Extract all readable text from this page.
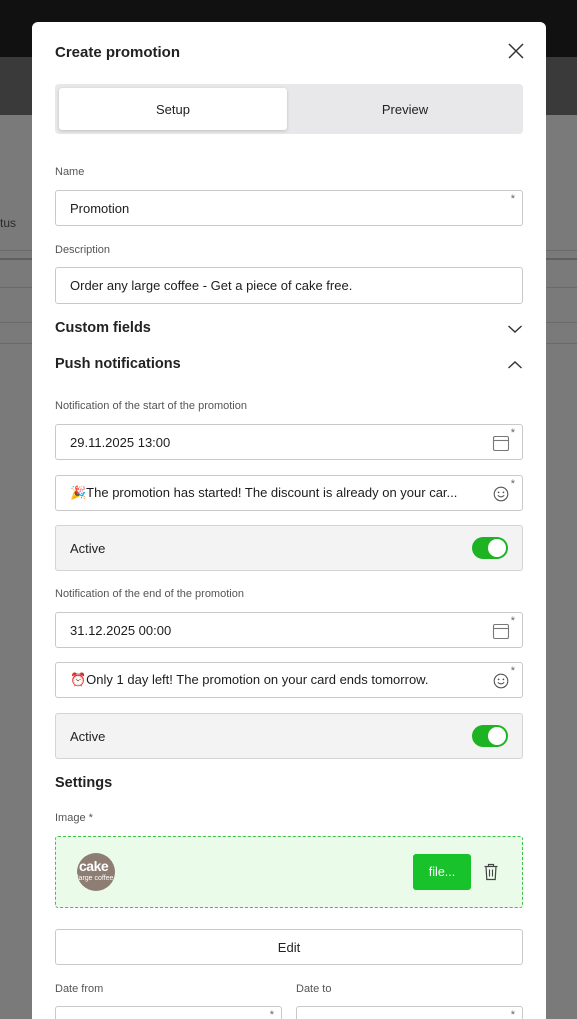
tus
Create promotion
Setup	Preview
Name
Promotion
*
Description
Order any large coffee - Get a piece of cake free.
Custom fields
Push notifications
Notification of the start of the promotion
29.11.2025 13:00
*
🎉The promotion has started! The discount is already on your car...
*
Active
Notification of the end of the promotion
31.12.2025 00:00
*
⏰Only 1 day left! The promotion on your card ends tomorrow.
*
Active
Settings
Image *
cake
large coffee	file...
Edit
Date from	Date to
*	*
